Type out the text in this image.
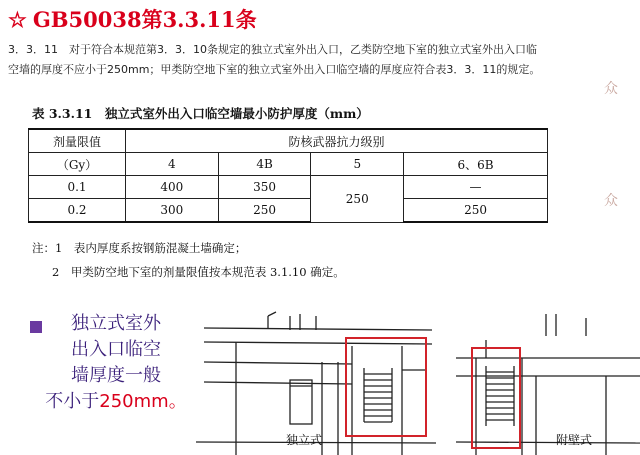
☆ GB50038第3.3.11条
3．3．11　对于符合本规范第3．3．10条规定的独立式室外出入口，乙类防空地下室的独立式室外出入口临
空墙的厚度不应小于250mm；甲类防空地下室的独立式室外出入口临空墙的厚度应符合表3．3．11的规定。
表 3.3.11　独立式室外出入口临空墙最小防护厚度（mm）
剂量限值	防核武器抗力级别			
（Gy）	4	4B	5	6、6B
0.1	400	350	250	—
0.2	300	250		250
注：1　表内厚度系按钢筋混凝土墙确定；
2　甲类防空地下室的剂量限值按本规范表 3.1.10 确定。
独立式室外
出入口临空
墙厚度一般
不小于250mm。
独立式	附壁式
众
众
